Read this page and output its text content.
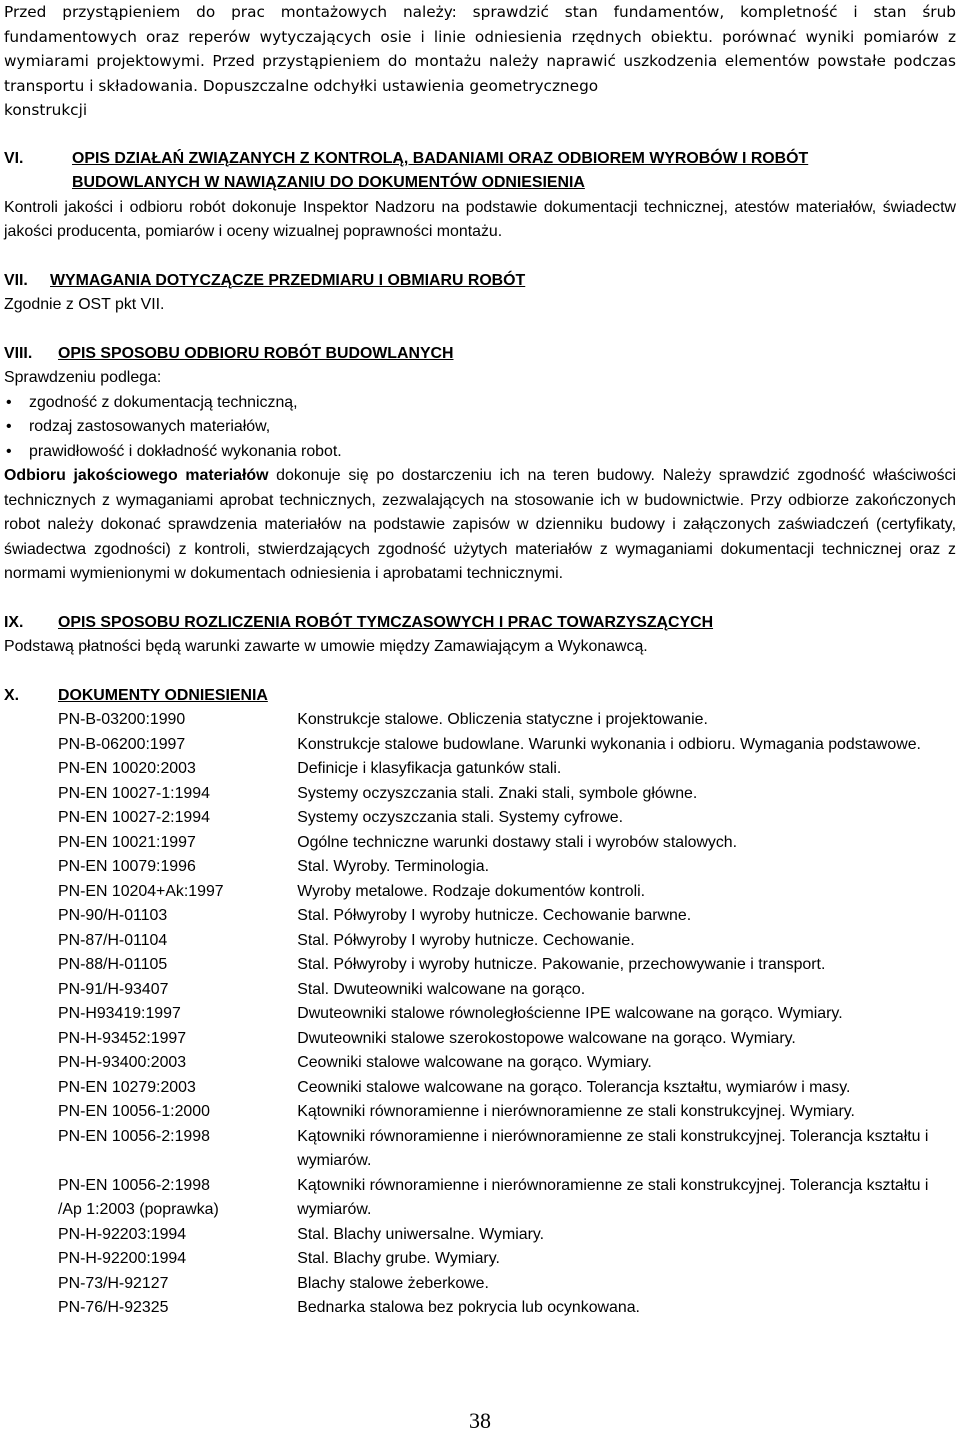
Przed przystąpieniem do prac montażowych należy: sprawdzić stan fundamentów, kompletność i stan śrub fundamentowych oraz reperów wytyczających osie i linie odniesienia rzędnych obiektu. porównać wyniki pomiarów z wymiarami projektowymi. Przed przystąpieniem do montażu należy naprawić uszkodzenia elementów powstałe podczas transportu i składowania. Dopuszczalne odchyłki ustawienia geometrycznego
konstrukcji

VI.	OPIS DZIAŁAŃ ZWIĄZANYCH Z KONTROLĄ, BADANIAMI ORAZ ODBIOREM WYROBÓW I ROBÓT BUDOWLANYCH W NAWIĄZANIU DO DOKUMENTÓW ODNIESIENIA

Kontroli jakości i odbioru robót dokonuje Inspektor Nadzoru na podstawie dokumentacji technicznej, atestów materiałów, świadectw jakości producenta, pomiarów i oceny wizualnej poprawności montażu.

VII.	WYMAGANIA DOTYCZĄCZE PRZEDMIARU I OBMIARU ROBÓT

Zgodnie z OST pkt VII.

VIII.	OPIS SPOSOBU ODBIORU ROBÓT BUDOWLANYCH

Sprawdzeniu podlega:

• zgodność z dokumentacją techniczną,
• rodzaj zastosowanych materiałów,
• prawidłowość i dokładność wykonania robot.

Odbioru jakościowego materiałów dokonuje się po dostarczeniu ich na teren budowy. Należy sprawdzić zgodność właściwości technicznych z wymaganiami aprobat technicznych, zezwalających na stosowanie ich w budownictwie. Przy odbiorze zakończonych robot należy dokonać sprawdzenia materiałów na podstawie zapisów w dzienniku budowy i załączonych zaświadczeń (certyfikaty, świadectwa zgodności) z kontroli, stwierdzających zgodność użytych materiałów z wymaganiami dokumentacji technicznej oraz z normami wymienionymi w dokumentach odniesienia i aprobatami technicznymi.

IX.	OPIS SPOSOBU ROZLICZENIA ROBÓT TYMCZASOWYCH I PRAC TOWARZYSZĄCYCH

Podstawą płatności będą warunki zawarte w umowie między Zamawiającym a Wykonawcą.

X.	DOKUMENTY ODNIESIENIA
PN-B-03200:1990	Konstrukcje stalowe. Obliczenia statyczne i projektowanie.
PN-B-06200:1997	Konstrukcje stalowe budowlane. Warunki wykonania i odbioru. Wymagania podstawowe.
PN-EN 10020:2003	Definicje i klasyfikacja gatunków stali.
PN-EN 10027-1:1994	Systemy oczyszczania stali. Znaki stali, symbole główne.
PN-EN 10027-2:1994	Systemy oczyszczania stali. Systemy cyfrowe.
PN-EN 10021:1997	Ogólne techniczne warunki dostawy stali i wyrobów stalowych.
PN-EN 10079:1996	Stal. Wyroby. Terminologia.
PN-EN 10204+Ak:1997	Wyroby metalowe. Rodzaje dokumentów kontroli.
PN-90/H-01103	Stal. Półwyroby I wyroby hutnicze. Cechowanie barwne.
PN-87/H-01104	Stal. Półwyroby I wyroby hutnicze. Cechowanie.
PN-88/H-01105	Stal. Półwyroby i wyroby hutnicze. Pakowanie, przechowywanie i transport.
PN-91/H-93407	Stal. Dwuteowniki walcowane na gorąco.
PN-H93419:1997	Dwuteowniki stalowe równoległościenne IPE walcowane na gorąco. Wymiary.
PN-H-93452:1997	Dwuteowniki stalowe szerokostopowe walcowane na gorąco. Wymiary.
PN-H-93400:2003	Ceowniki stalowe walcowane na gorąco. Wymiary.
PN-EN 10279:2003	Ceowniki stalowe walcowane na gorąco. Tolerancja kształtu, wymiarów i masy.
PN-EN 10056-1:2000	Kątowniki równoramienne i nierównoramienne ze stali konstrukcyjnej. Wymiary.
PN-EN 10056-2:1998	Kątowniki równoramienne i nierównoramienne ze stali konstrukcyjnej. Tolerancja kształtu i wymiarów.
PN-EN 10056-2:1998
/Ap 1:2003 (poprawka)	Kątowniki równoramienne i nierównoramienne ze stali konstrukcyjnej. Tolerancja kształtu i wymiarów.
PN-H-92203:1994	Stal. Blachy uniwersalne. Wymiary.
PN-H-92200:1994	Stal. Blachy grube. Wymiary.
PN-73/H-92127	Blachy stalowe żeberkowe.
PN-76/H-92325	Bednarka stalowa bez pokrycia lub ocynkowana.
38
